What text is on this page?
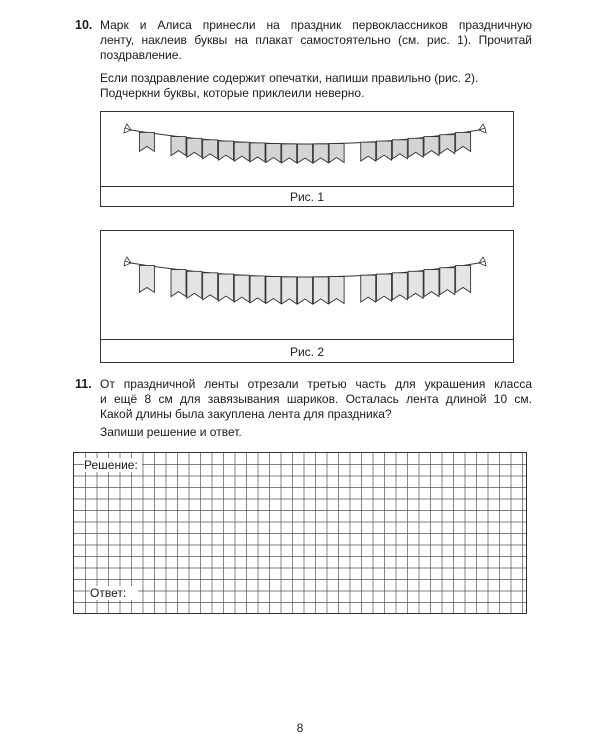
10. Марк и Алиса принесли на праздник первоклассников праздничную
ленту, наклеив буквы на плакат самостоятельно (см. рис. 1). Прочитай
поздравление.
Если поздравление содержит опечатки, напиши правильно (рис. 2).
Подчеркни буквы, которые приклеили неверно.
Рис. 1
Рис. 2
11. От праздничной ленты отрезали третью часть для украшения класса
и ещё 8 см для завязывания шариков. Осталась лента длиной 10 см.
Какой длины была закуплена лента для праздника?
Запиши решение и ответ.
Решение:
Ответ:
8
